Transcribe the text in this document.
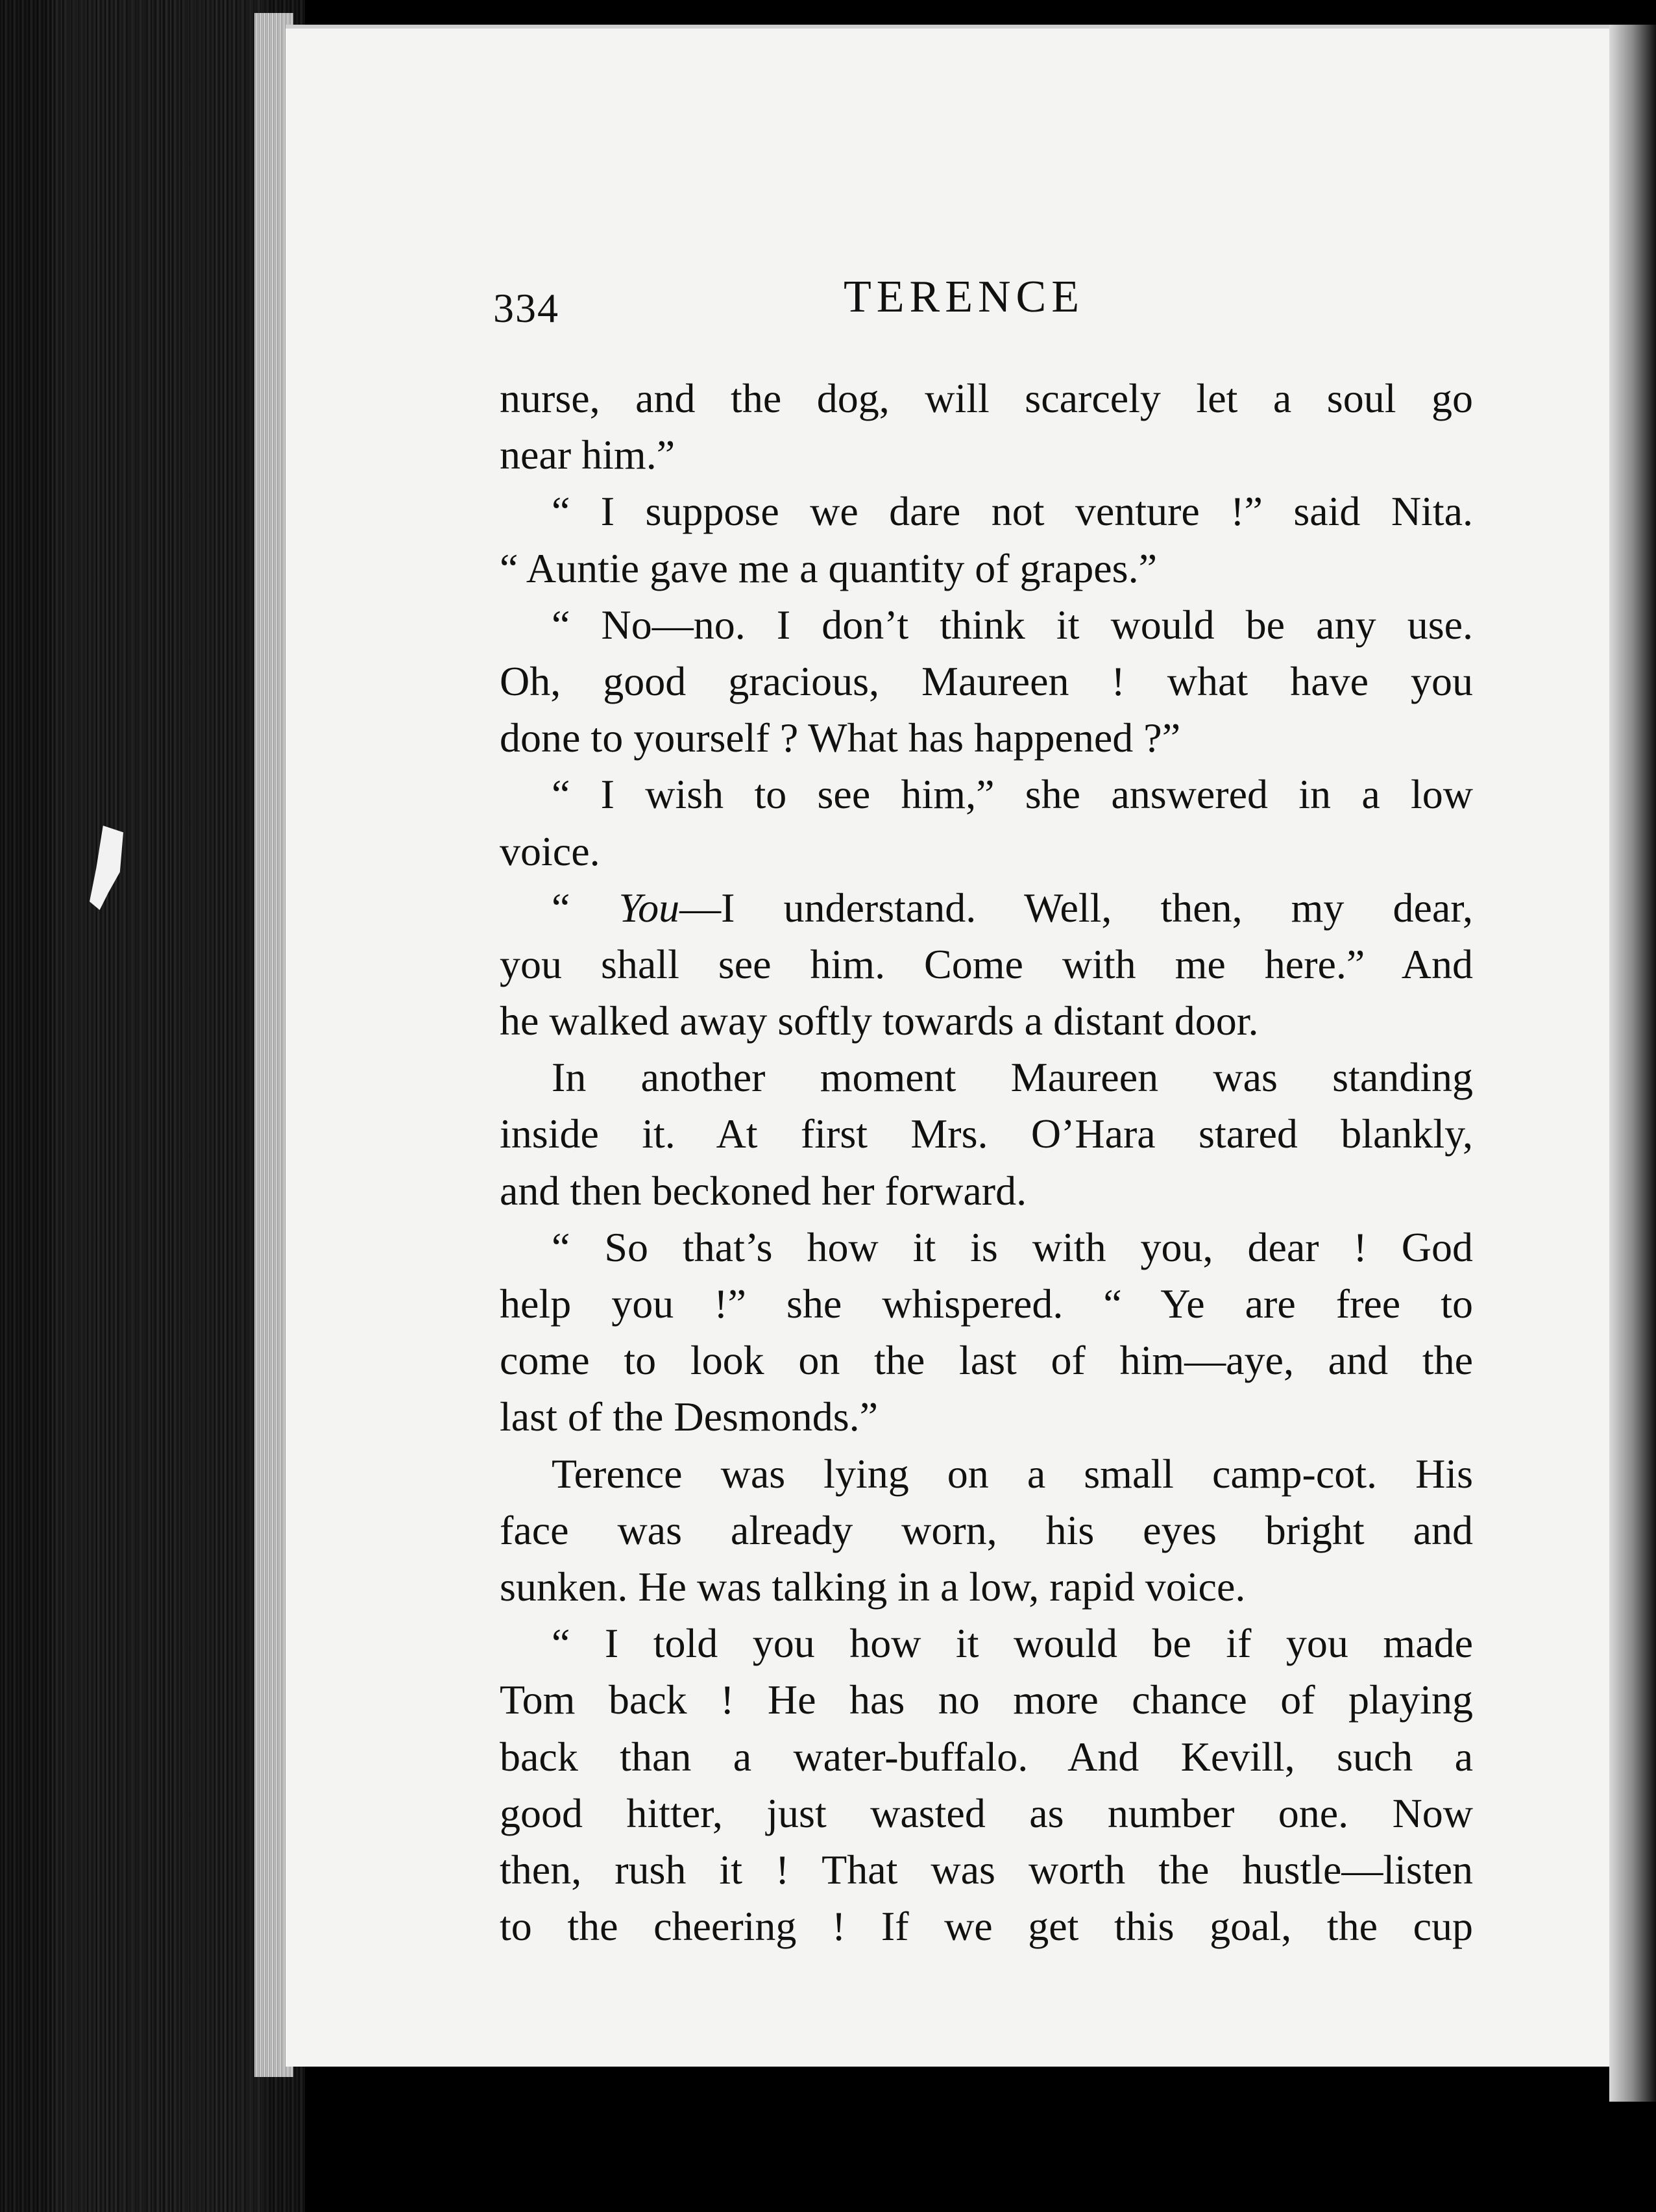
334	TERENCE
nurse, and the dog, will scarcely let a soul go
near him.”
“ I suppose we dare not venture !” said Nita.
“ Auntie gave me a quantity of grapes.”
“ No—no. I don’t think it would be any use.
Oh, good gracious, Maureen ! what have you
done to yourself ? What has happened ?”
“ I wish to see him,” she answered in a low
voice.
“ You—I understand. Well, then, my dear,
you shall see him. Come with me here.” And
he walked away softly towards a distant door.
In another moment Maureen was standing
inside it. At first Mrs. O’Hara stared blankly,
and then beckoned her forward.
“ So that’s how it is with you, dear ! God
help you !” she whispered. “ Ye are free to
come to look on the last of him—aye, and the
last of the Desmonds.”
Terence was lying on a small camp-cot. His
face was already worn, his eyes bright and
sunken. He was talking in a low, rapid voice.
“ I told you how it would be if you made
Tom back ! He has no more chance of playing
back than a water-buffalo. And Kevill, such a
good hitter, just wasted as number one. Now
then, rush it ! That was worth the hustle—listen
to the cheering ! If we get this goal, the cup
